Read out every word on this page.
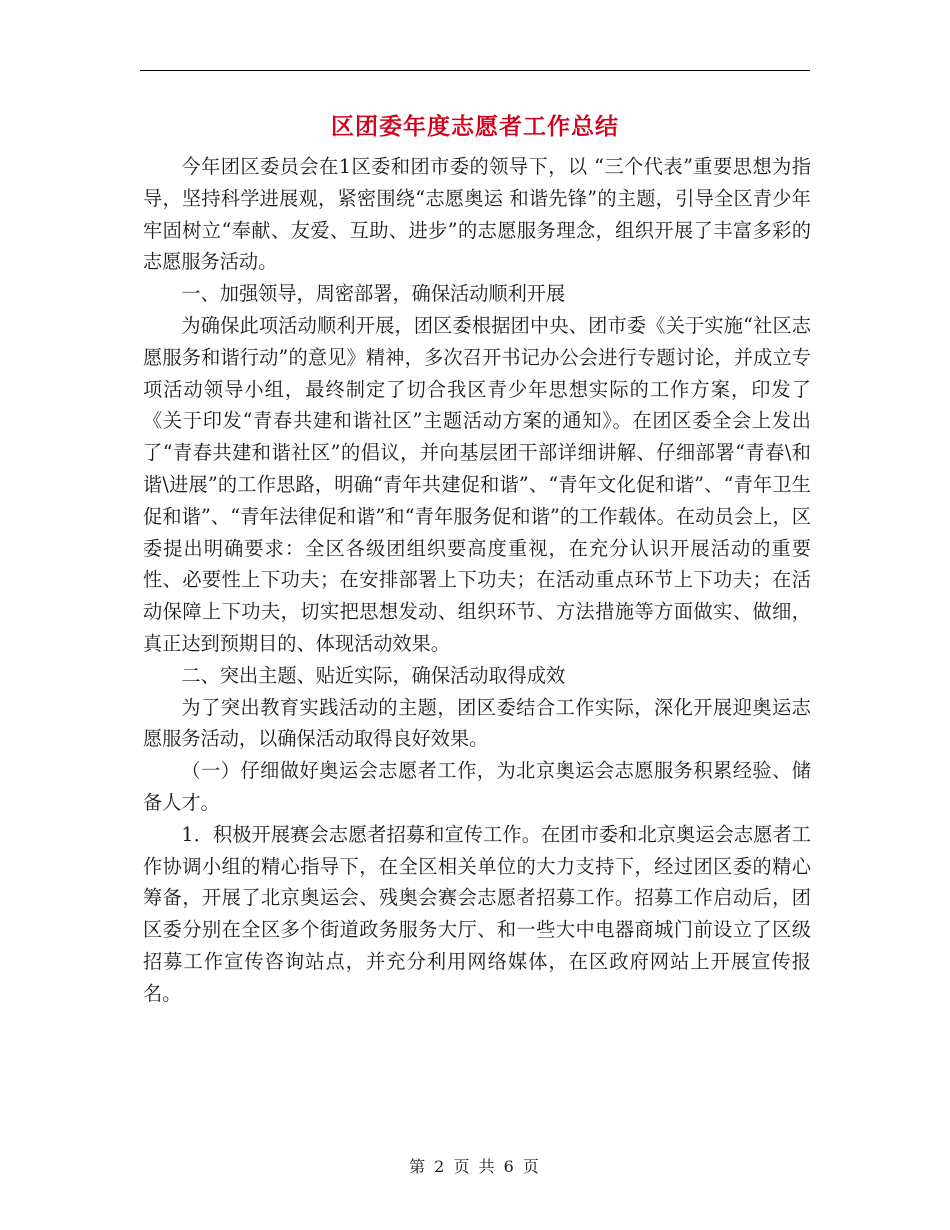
区团委年度志愿者工作总结

今年团区委员会在1区委和团市委的领导下，以 “三个代表”重要思想为指导，坚持科学进展观，紧密围绕“志愿奥运 和谐先锋”的主题，引导全区青少年牢固树立“奉献、友爱、互助、进步”的志愿服务理念，组织开展了丰富多彩的志愿服务活动。

一、加强领导，周密部署，确保活动顺利开展

为确保此项活动顺利开展，团区委根据团中央、团市委《关于实施“社区志愿服务和谐行动”的意见》精神，多次召开书记办公会进行专题讨论，并成立专项活动领导小组，最终制定了切合我区青少年思想实际的工作方案，印发了《关于印发“青春共建和谐社区”主题活动方案的通知》。在团区委全会上发出了“青春共建和谐社区”的倡议，并向基层团干部详细讲解、仔细部署“青春\和谐\进展”的工作思路，明确“青年共建促和谐”、“青年文化促和谐”、“青年卫生促和谐”、“青年法律促和谐”和“青年服务促和谐”的工作载体。在动员会上，区委提出明确要求：全区各级团组织要高度重视，在充分认识开展活动的重要性、必要性上下功夫；在安排部署上下功夫；在活动重点环节上下功夫；在活动保障上下功夫，切实把思想发动、组织环节、方法措施等方面做实、做细，真正达到预期目的、体现活动效果。

二、突出主题、贴近实际，确保活动取得成效

为了突出教育实践活动的主题，团区委结合工作实际，深化开展迎奥运志愿服务活动，以确保活动取得良好效果。

（一）仔细做好奥运会志愿者工作，为北京奥运会志愿服务积累经验、储备人才。

1．积极开展赛会志愿者招募和宣传工作。在团市委和北京奥运会志愿者工作协调小组的精心指导下，在全区相关单位的大力支持下，经过团区委的精心筹备，开展了北京奥运会、残奥会赛会志愿者招募工作。招募工作启动后，团区委分别在全区多个街道政务服务大厅、和一些大中电器商城门前设立了区级招募工作宣传咨询站点，并充分利用网络媒体，在区政府网站上开展宣传报名。

第 2 页 共 6 页
